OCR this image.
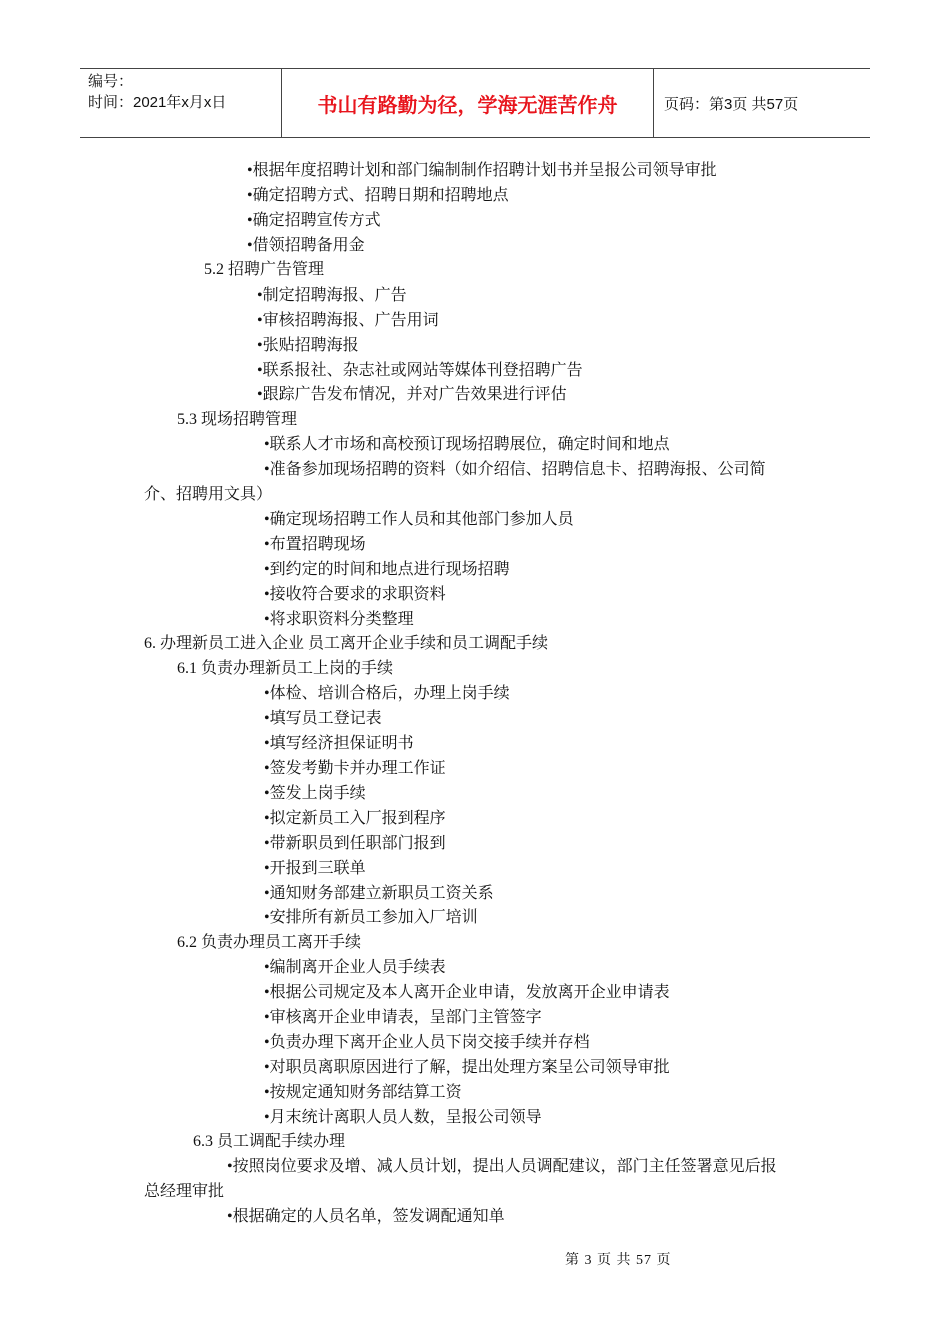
编号：
时间：2021年x月x日	书山有路勤为径，学海无涯苦作舟	页码：第3页 共57页
•根据年度招聘计划和部门编制制作招聘计划书并呈报公司领导审批
•确定招聘方式、招聘日期和招聘地点
•确定招聘宣传方式
•借领招聘备用金
5.2 招聘广告管理
•制定招聘海报、广告
•审核招聘海报、广告用词
•张贴招聘海报
•联系报社、杂志社或网站等媒体刊登招聘广告
•跟踪广告发布情况，并对广告效果进行评估
5.3 现场招聘管理
•联系人才市场和高校预订现场招聘展位，确定时间和地点
•准备参加现场招聘的资料（如介绍信、招聘信息卡、招聘海报、公司简
介、招聘用文具）
•确定现场招聘工作人员和其他部门参加人员
•布置招聘现场
•到约定的时间和地点进行现场招聘
•接收符合要求的求职资料
•将求职资料分类整理
6. 办理新员工进入企业 员工离开企业手续和员工调配手续
6.1 负责办理新员工上岗的手续
•体检、培训合格后，办理上岗手续
•填写员工登记表
•填写经济担保证明书
•签发考勤卡并办理工作证
•签发上岗手续
•拟定新员工入厂报到程序
•带新职员到任职部门报到
•开报到三联单
•通知财务部建立新职员工资关系
•安排所有新员工参加入厂培训
6.2 负责办理员工离开手续
•编制离开企业人员手续表
•根据公司规定及本人离开企业申请，发放离开企业申请表
•审核离开企业申请表，呈部门主管签字
•负责办理下离开企业人员下岗交接手续并存档
•对职员离职原因进行了解，提出处理方案呈公司领导审批
•按规定通知财务部结算工资
•月末统计离职人员人数，呈报公司领导
6.3 员工调配手续办理
•按照岗位要求及增、减人员计划，提出人员调配建议，部门主任签署意见后报
总经理审批
•根据确定的人员名单，签发调配通知单
第 3 页 共 57 页
